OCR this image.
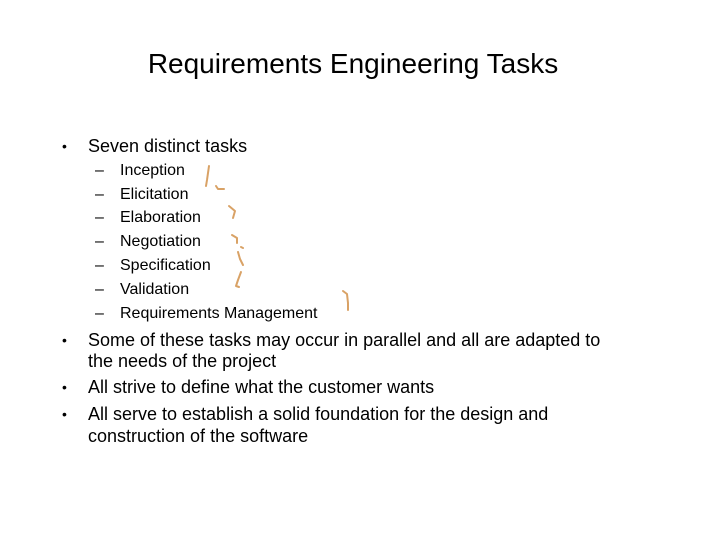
Requirements Engineering Tasks
• Seven distinct tasks
– Inception
– Elicitation
– Elaboration
– Negotiation
– Specification
– Validation
– Requirements Management
• Some of these tasks may occur in parallel and all are adapted to
the needs of the project
• All strive to define what the customer wants
• All serve to establish a solid foundation for the design and
construction of the software
